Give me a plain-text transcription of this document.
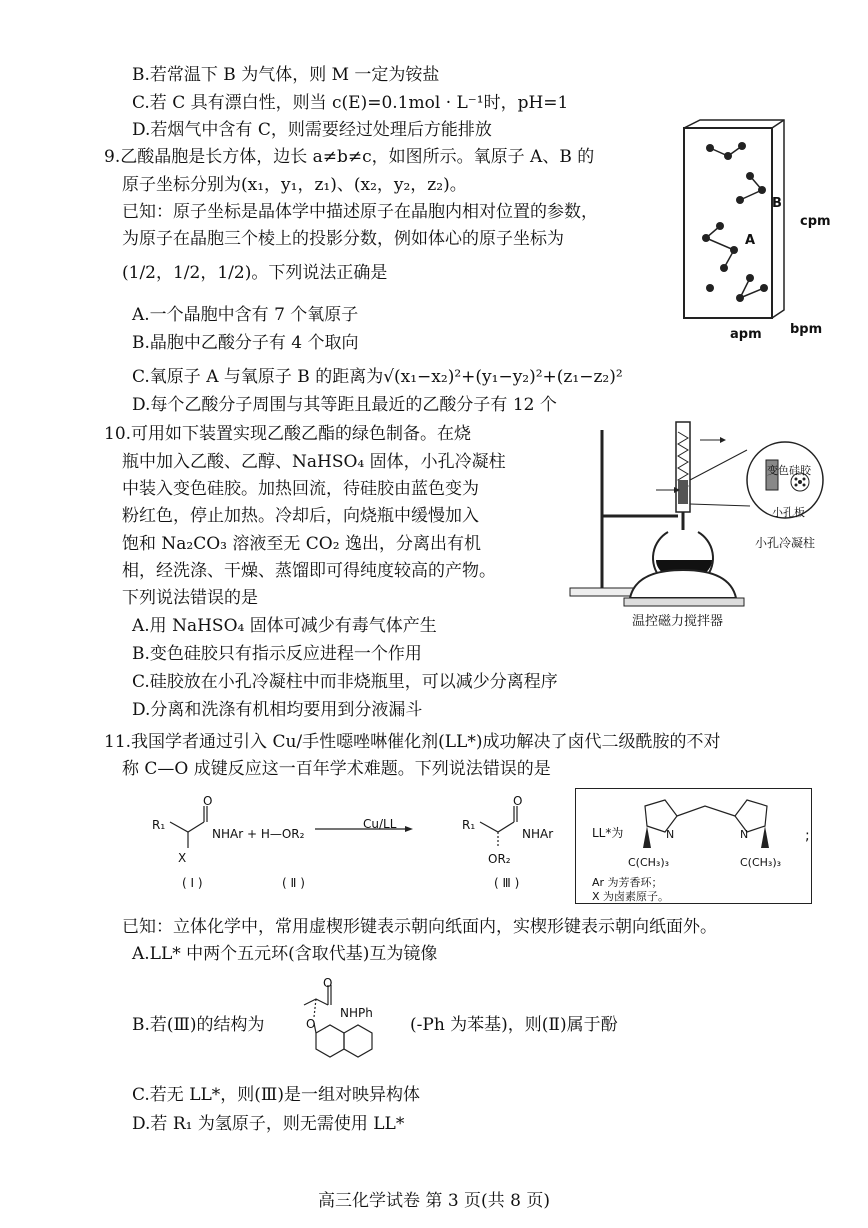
B.若常温下 B 为气体，则 M 一定为铵盐
C.若 C 具有漂白性，则当 c(E)=0.1mol · L⁻¹时，pH=1
D.若烟气中含有 C，则需要经过处理后方能排放
9.乙酸晶胞是长方体，边长 a≠b≠c，如图所示。氧原子 A、B 的
原子坐标分别为(x₁，y₁，z₁)、(x₂，y₂，z₂)。
已知：原子坐标是晶体学中描述原子在晶胞内相对位置的参数，
为原子在晶胞三个棱上的投影分数，例如体心的原子坐标为
(1/2，1/2，1/2)。下列说法正确是
A.一个晶胞中含有 7 个氧原子
B.晶胞中乙酸分子有 4 个取向
C.氧原子 A 与氧原子 B 的距离为√(x₁−x₂)²+(y₁−y₂)²+(z₁−z₂)²
D.每个乙酸分子周围与其等距且最近的乙酸分子有 12 个
B
A
cpm
apm bpm
10.可用如下装置实现乙酸乙酯的绿色制备。在烧
瓶中加入乙酸、乙醇、NaHSO₄ 固体，小孔冷凝柱
中装入变色硅胶。加热回流，待硅胶由蓝色变为
粉红色，停止加热。冷却后，向烧瓶中缓慢加入
饱和 Na₂CO₃ 溶液至无 CO₂ 逸出，分离出有机
相，经洗涤、干燥、蒸馏即可得纯度较高的产物。
下列说法错误的是
A.用 NaHSO₄ 固体可减少有毒气体产生
B.变色硅胶只有指示反应进程一个作用
C.硅胶放在小孔冷凝柱中而非烧瓶里，可以减少分离程序
D.分离和洗涤有机相均要用到分液漏斗
变色硅胶
小孔板
小孔冷凝柱
温控磁力搅拌器
11.我国学者通过引入 Cu/手性噁唑啉催化剂(LL*)成功解决了卤代二级酰胺的不对
称 C—O 成键反应这一百年学术难题。下列说法错误的是
R₁
O
X
NHAr + H—OR₂
Cu/LL	R₁
O
NHAr
OR₂
( Ⅰ )	( Ⅱ )	( Ⅲ )
LL*为	N	N
C(CH₃)₃	C(CH₃)₃
;
Ar 为芳香环；
X 为卤素原子。
已知：立体化学中，常用虚楔形键表示朝向纸面内，实楔形键表示朝向纸面外。
A.LL* 中两个五元环(含取代基)互为镜像
B.若(Ⅲ)的结构为
O
NHPh
O	(-Ph 为苯基)，则(Ⅱ)属于酚
C.若无 LL*，则(Ⅲ)是一组对映异构体
D.若 R₁ 为氢原子，则无需使用 LL*
高三化学试卷 第 3 页(共 8 页)
